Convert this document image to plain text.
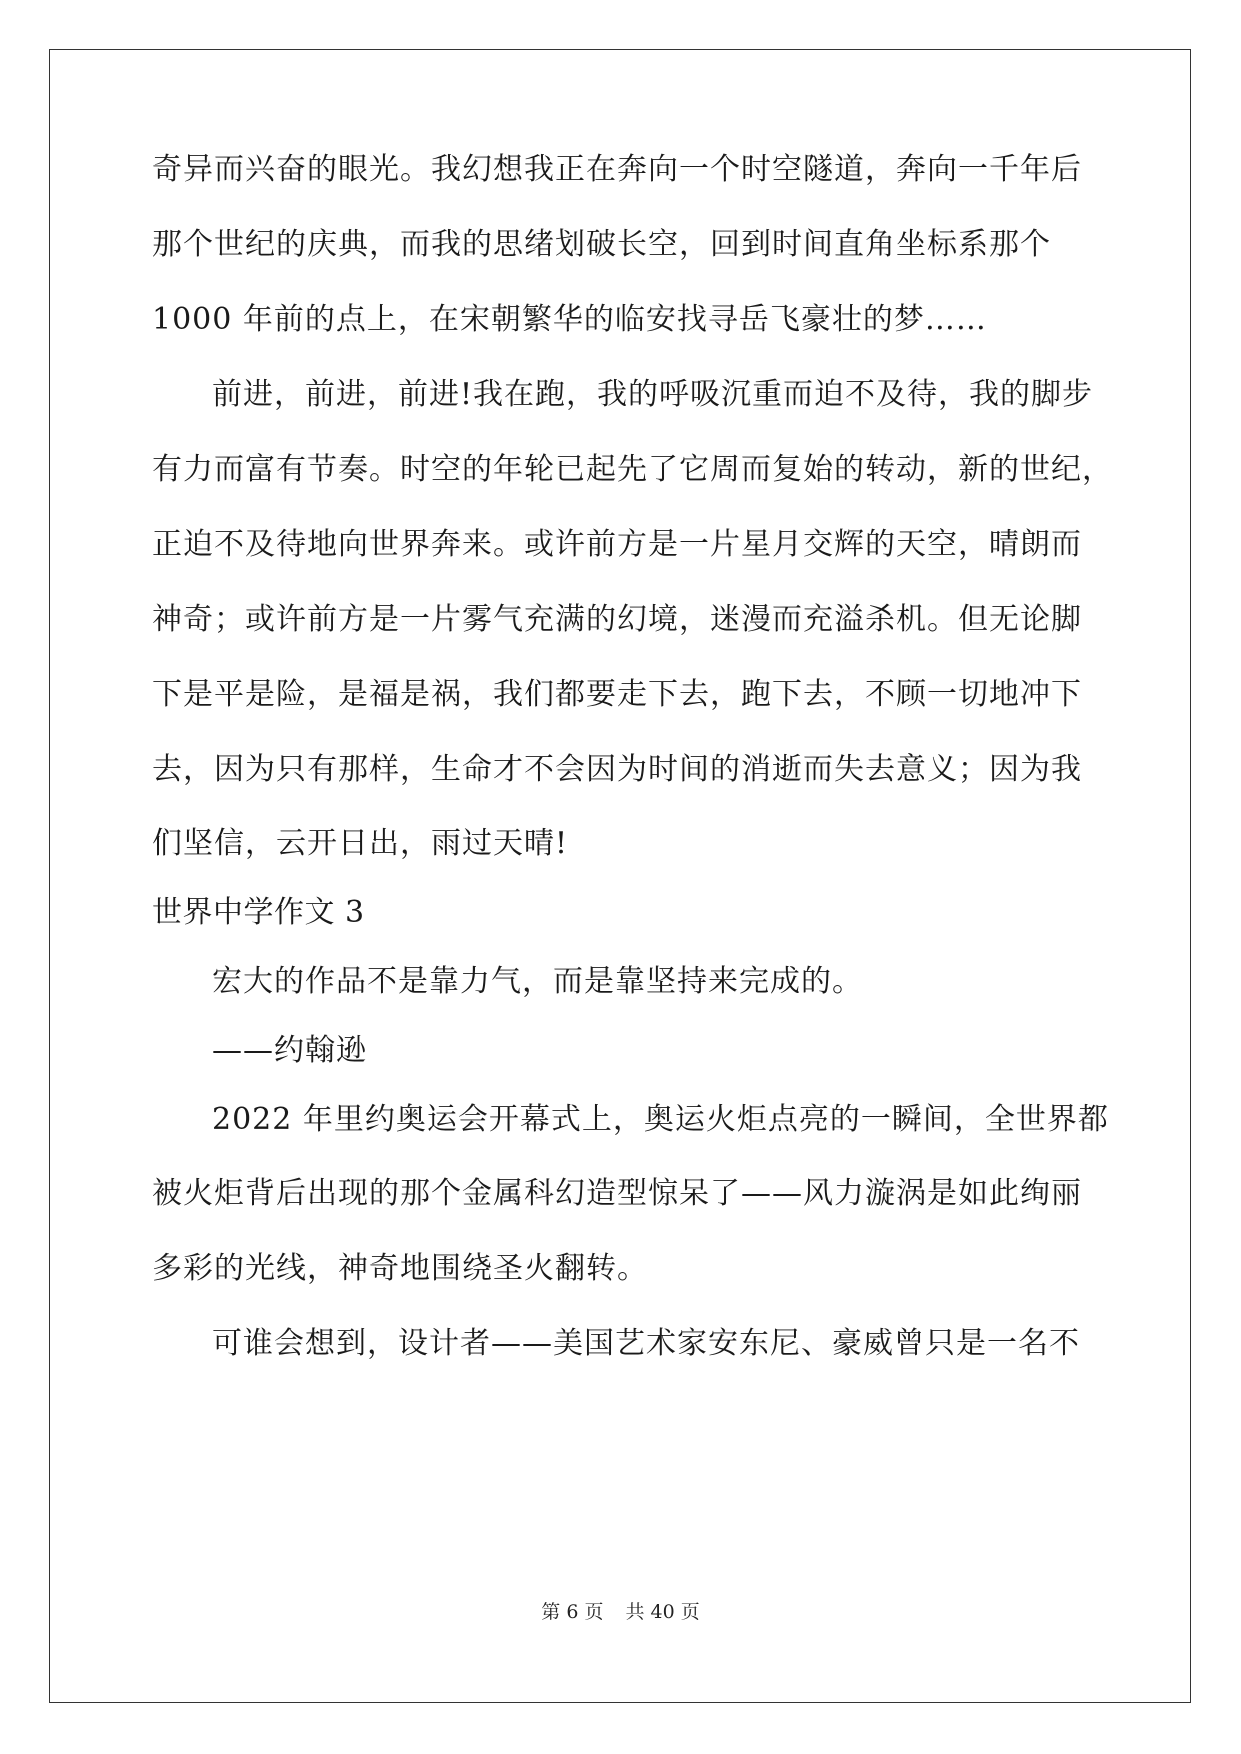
奇异而兴奋的眼光。我幻想我正在奔向一个时空隧道，奔向一千年后
那个世纪的庆典，而我的思绪划破长空，回到时间直角坐标系那个
1000 年前的点上，在宋朝繁华的临安找寻岳飞豪壮的梦……
前进，前进，前进!我在跑，我的呼吸沉重而迫不及待，我的脚步
有力而富有节奏。时空的年轮已起先了它周而复始的转动，新的世纪，
正迫不及待地向世界奔来。或许前方是一片星月交辉的天空，晴朗而
神奇；或许前方是一片雾气充满的幻境，迷漫而充溢杀机。但无论脚
下是平是险，是福是祸，我们都要走下去，跑下去，不顾一切地冲下
去，因为只有那样，生命才不会因为时间的消逝而失去意义；因为我
们坚信，云开日出，雨过天晴!
世界中学作文 3
宏大的作品不是靠力气，而是靠坚持来完成的。
——约翰逊
2022 年里约奥运会开幕式上，奥运火炬点亮的一瞬间，全世界都
被火炬背后出现的那个金属科幻造型惊呆了——风力漩涡是如此绚丽
多彩的光线，神奇地围绕圣火翻转。
可谁会想到，设计者——美国艺术家安东尼、豪威曾只是一名不
第 6 页 共 40 页
